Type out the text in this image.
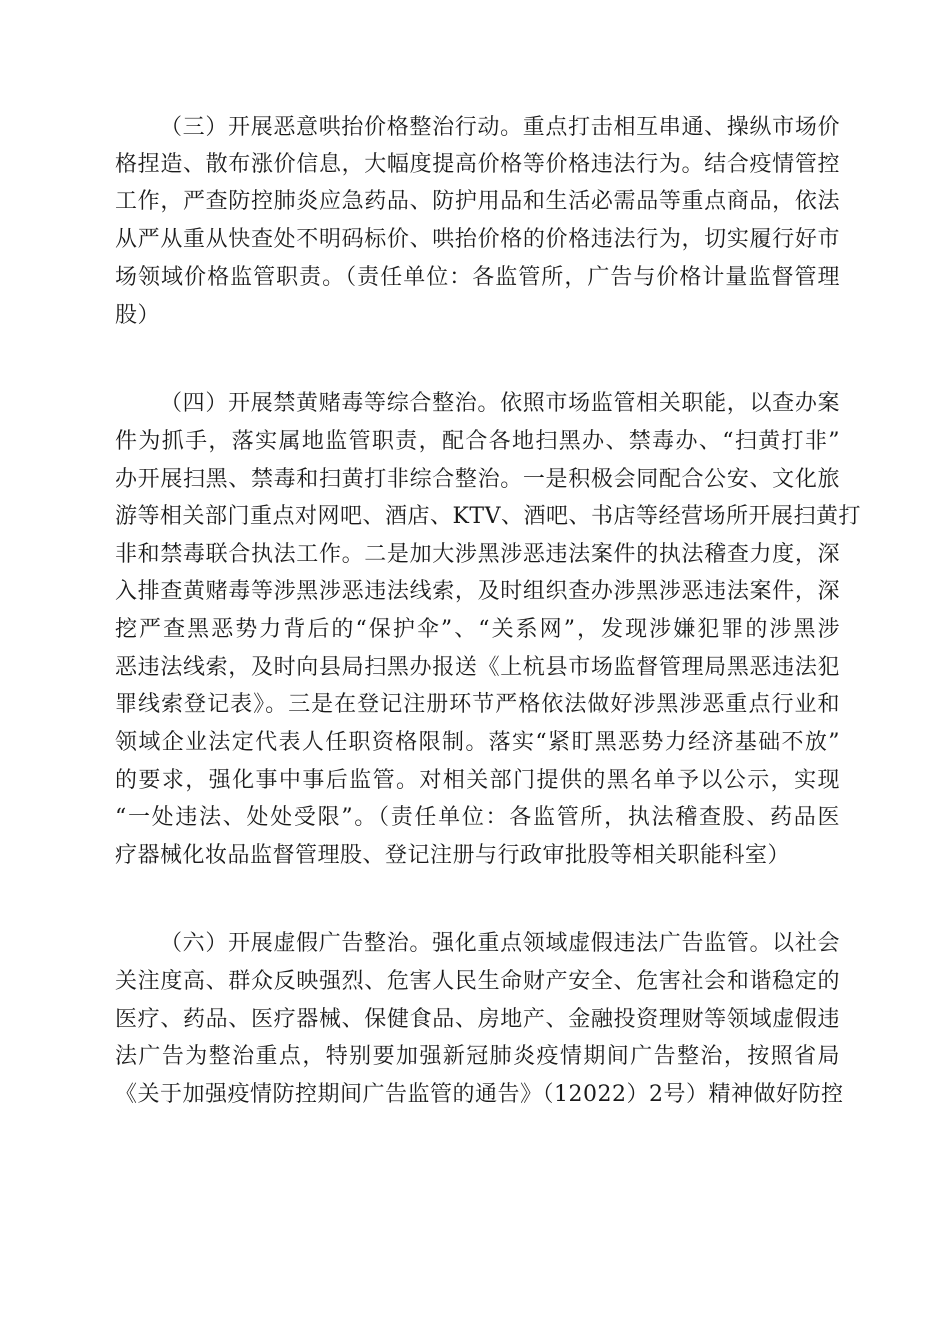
（三）开展恶意哄抬价格整治行动。重点打击相互串通、操纵市场价
格捏造、散布涨价信息，大幅度提高价格等价格违法行为。结合疫情管控
工作，严查防控肺炎应急药品、防护用品和生活必需品等重点商品，依法
从严从重从快查处不明码标价、哄抬价格的价格违法行为，切实履行好市
场领域价格监管职责。（责任单位：各监管所，广告与价格计量监督管理
股）
（四）开展禁黄赌毒等综合整治。依照市场监管相关职能，以查办案
件为抓手，落实属地监管职责，配合各地扫黑办、禁毒办、“扫黄打非”
办开展扫黑、禁毒和扫黄打非综合整治。一是积极会同配合公安、文化旅
游等相关部门重点对网吧、酒店、KTV、酒吧、书店等经营场所开展扫黄打
非和禁毒联合执法工作。二是加大涉黑涉恶违法案件的执法稽查力度，深
入排查黄赌毒等涉黑涉恶违法线索，及时组织查办涉黑涉恶违法案件，深
挖严查黑恶势力背后的“保护伞”、“关系网”，发现涉嫌犯罪的涉黑涉
恶违法线索，及时向县局扫黑办报送《上杭县市场监督管理局黑恶违法犯
罪线索登记表》。三是在登记注册环节严格依法做好涉黑涉恶重点行业和
领域企业法定代表人任职资格限制。落实“紧盯黑恶势力经济基础不放”
的要求，强化事中事后监管。对相关部门提供的黑名单予以公示，实现
“一处违法、处处受限”。（责任单位：各监管所，执法稽查股、药品医
疗器械化妆品监督管理股、登记注册与行政审批股等相关职能科室）
（六）开展虚假广告整治。强化重点领域虚假违法广告监管。以社会
关注度高、群众反映强烈、危害人民生命财产安全、危害社会和谐稳定的
医疗、药品、医疗器械、保健食品、房地产、金融投资理财等领域虚假违
法广告为整治重点，特别要加强新冠肺炎疫情期间广告整治，按照省局
《关于加强疫情防控期间广告监管的通告》（12022）2号）精神做好防控
